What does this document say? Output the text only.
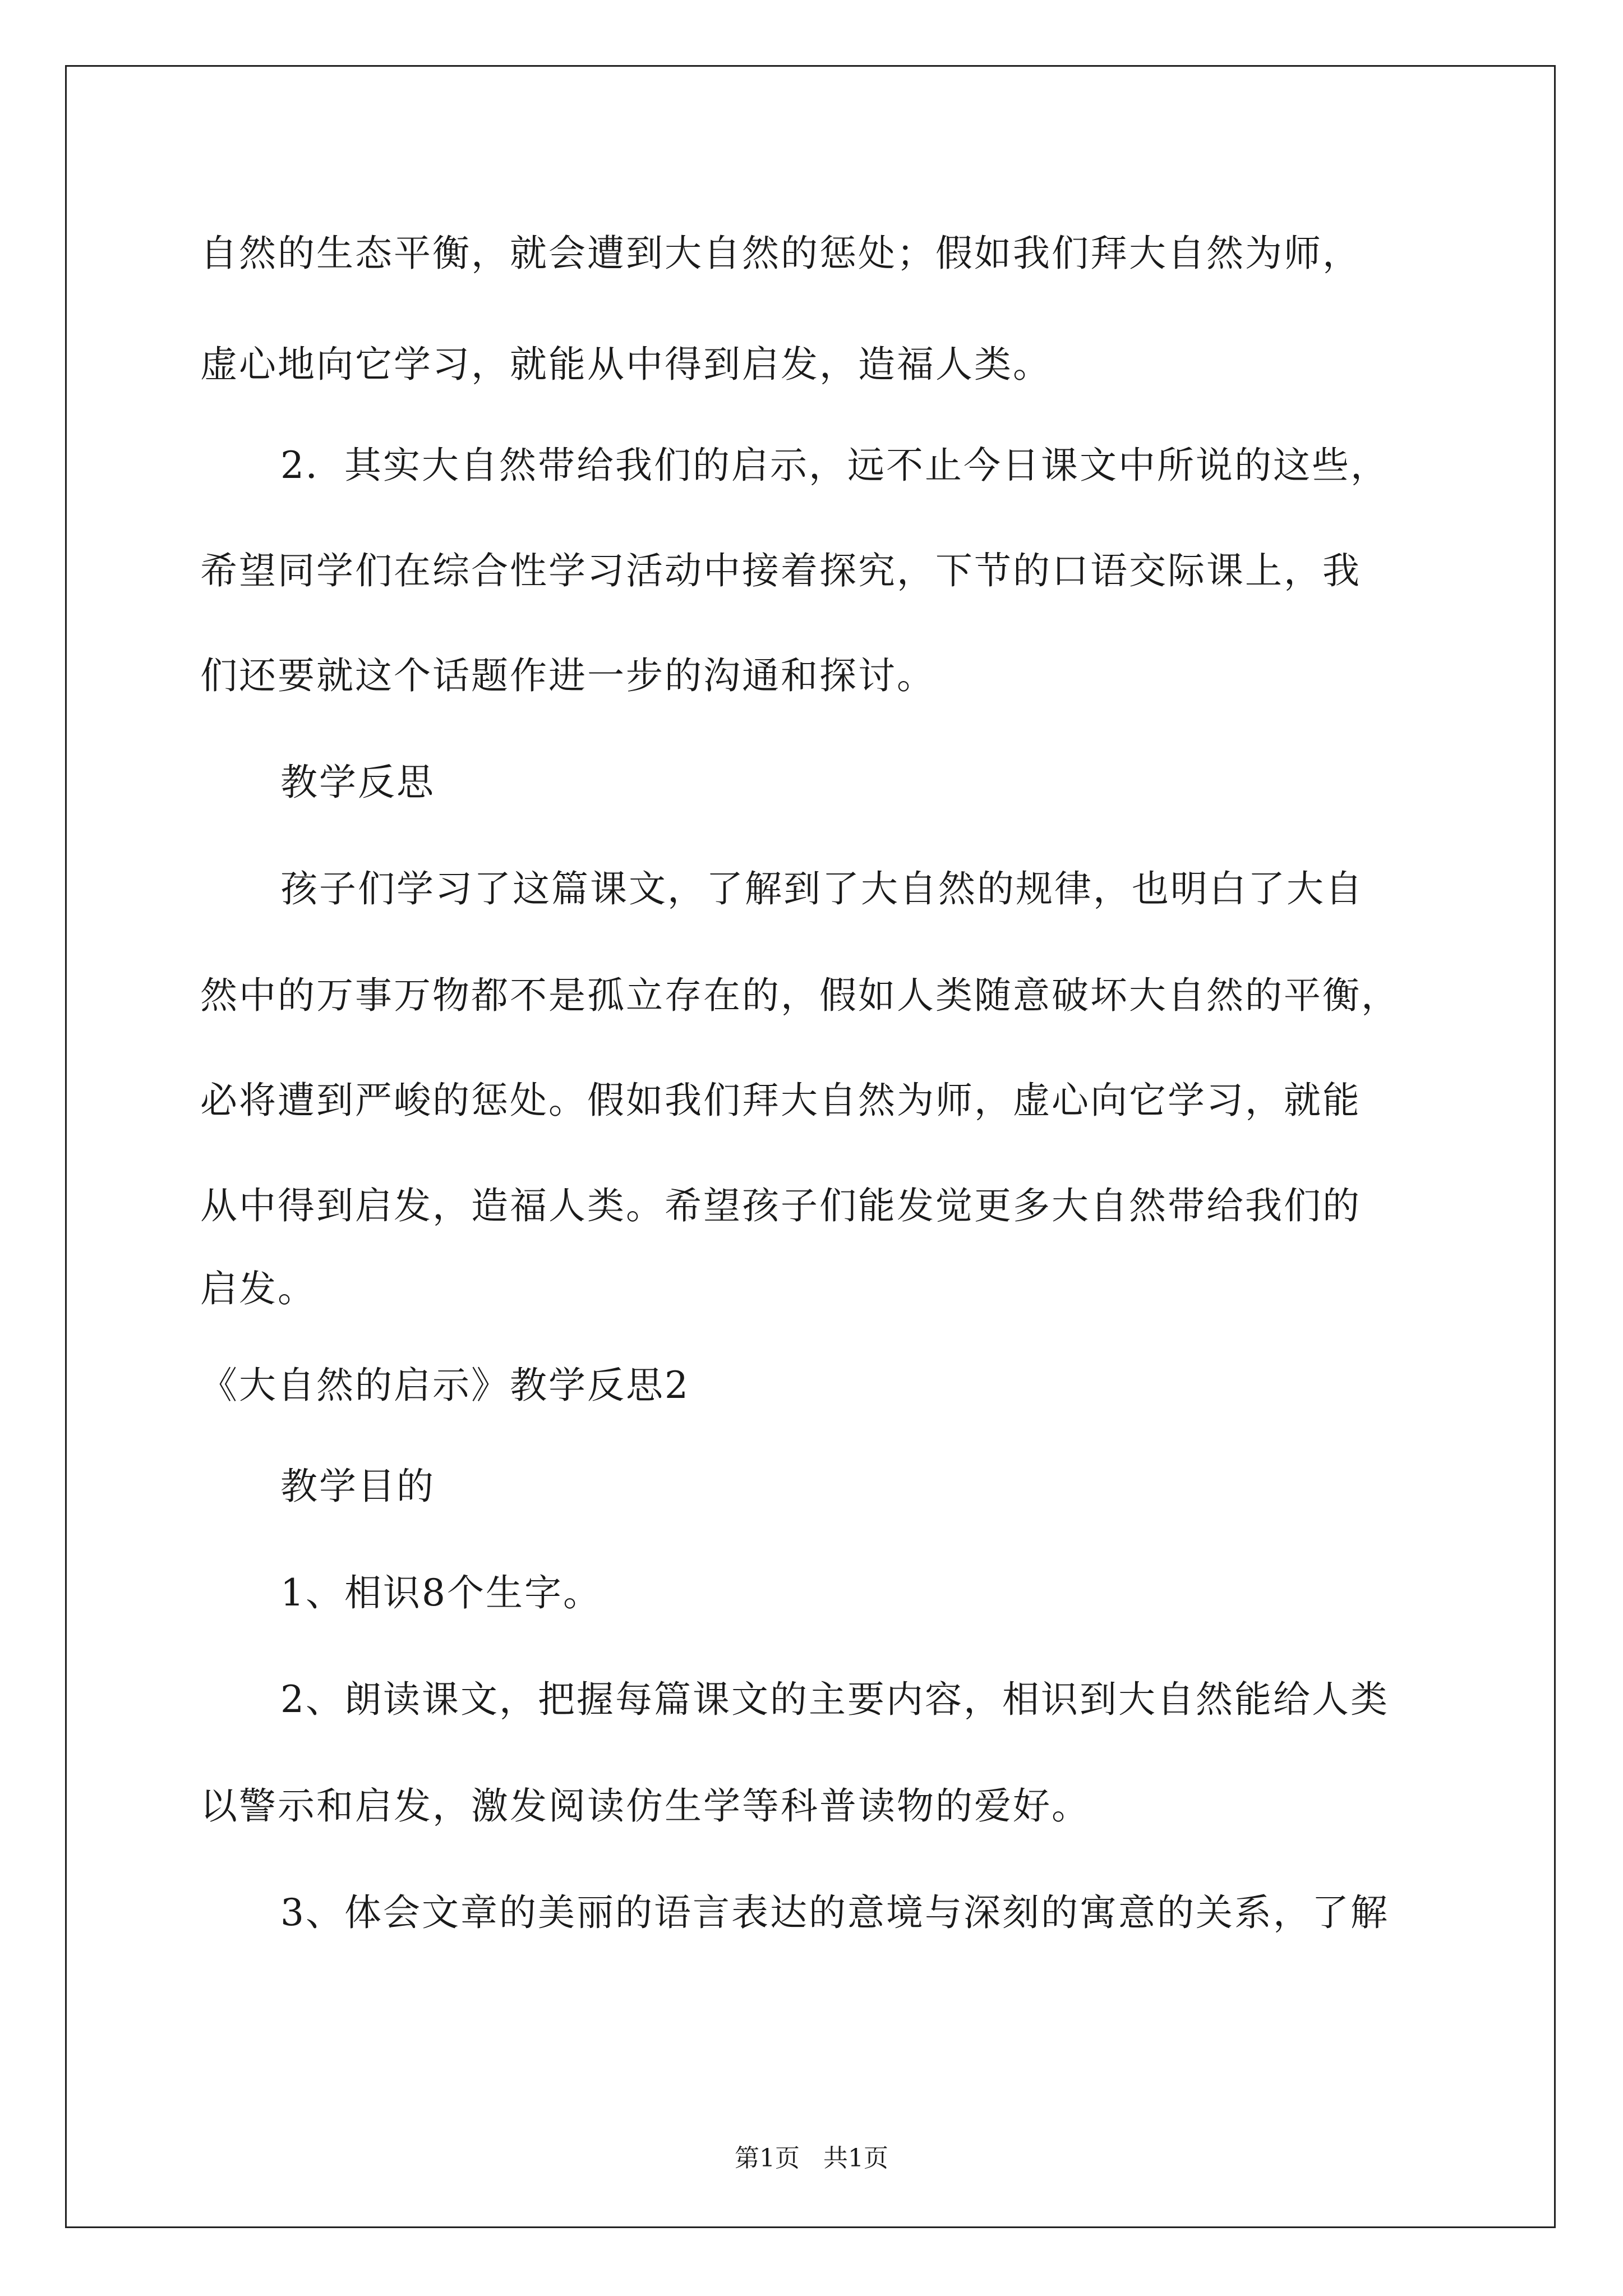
自然的生态平衡，就会遭到大自然的惩处；假如我们拜大自然为师，
虚心地向它学习，就能从中得到启发，造福人类。
2．其实大自然带给我们的启示，远不止今日课文中所说的这些，
希望同学们在综合性学习活动中接着探究，下节的口语交际课上，我
们还要就这个话题作进一步的沟通和探讨。
教学反思
孩子们学习了这篇课文，了解到了大自然的规律，也明白了大自
然中的万事万物都不是孤立存在的，假如人类随意破坏大自然的平衡，
必将遭到严峻的惩处。假如我们拜大自然为师，虚心向它学习，就能
从中得到启发，造福人类。希望孩子们能发觉更多大自然带给我们的
启发。
《大自然的启示》教学反思2
教学目的
1、相识8个生字。
2、朗读课文，把握每篇课文的主要内容，相识到大自然能给人类
以警示和启发，激发阅读仿生学等科普读物的爱好。
3、体会文章的美丽的语言表达的意境与深刻的寓意的关系，了解
第1页   共1页
